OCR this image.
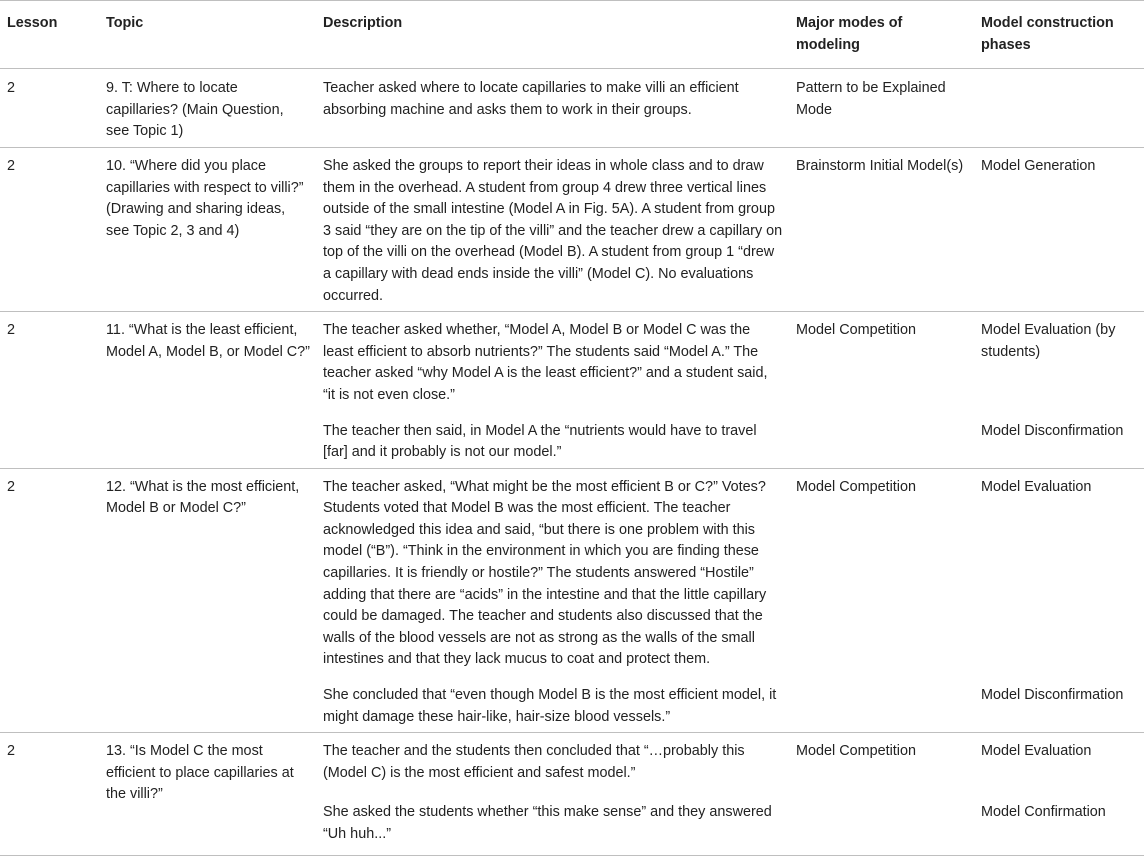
Lesson	Topic	Description	Major modes of modeling	Model construction phases
2	9. T: Where to locate capillaries? (Main Question, see Topic 1)	Teacher asked where to locate capillaries to make villi an efficient absorbing machine and asks them to work in their groups.	Pattern to be Explained Mode	
2	10. “Where did you place capillaries with respect to villi?” (Drawing and sharing ideas, see Topic 2, 3 and 4)	She asked the groups to report their ideas in whole class and to draw them in the overhead. A student from group 4 drew three vertical lines outside of the small intestine (Model A in Fig. 5A). A student from group 3 said “they are on the tip of the villi” and the teacher drew a capillary on top of the villi on the overhead (Model B). A student from group 1 “drew a capillary with dead ends inside the villi” (Model C). No evaluations occurred.	Brainstorm Initial Model(s)	Model Generation
2	11. “What is the least efficient, Model A, Model B, or Model C?”	The teacher asked whether, “Model A, Model B or Model C was the least efficient to absorb nutrients?” The students said “Model A.” The teacher asked “why Model A is the least efficient?” and a student said, “it is not even close.”	Model Competition	Model Evaluation (by students)
		The teacher then said, in Model A the “nutrients would have to travel [far] and it probably is not our model.”		Model Disconfirmation
2	12. “What is the most efficient, Model B or Model C?”	The teacher asked, “What might be the most efficient B or C?” Votes? Students voted that Model B was the most efficient. The teacher acknowledged this idea and said, “but there is one problem with this model (“B”). “Think in the environment in which you are finding these capillaries. It is friendly or hostile?” The students answered “Hostile” adding that there are “acids” in the intestine and that the little capillary could be damaged. The teacher and students also discussed that the walls of the blood vessels are not as strong as the walls of the small intestines and that they lack mucus to coat and protect them.	Model Competition	Model Evaluation
		She concluded that “even though Model B is the most efficient model, it might damage these hair-like, hair-size blood vessels.”		Model Disconfirmation
2	13. “Is Model C the most efficient to place capillaries at the villi?”	The teacher and the students then concluded that “…probably this (Model C) is the most efficient and safest model.”	Model Competition	Model Evaluation
		She asked the students whether “this make sense” and they answered “Uh huh...”		Model Confirmation
